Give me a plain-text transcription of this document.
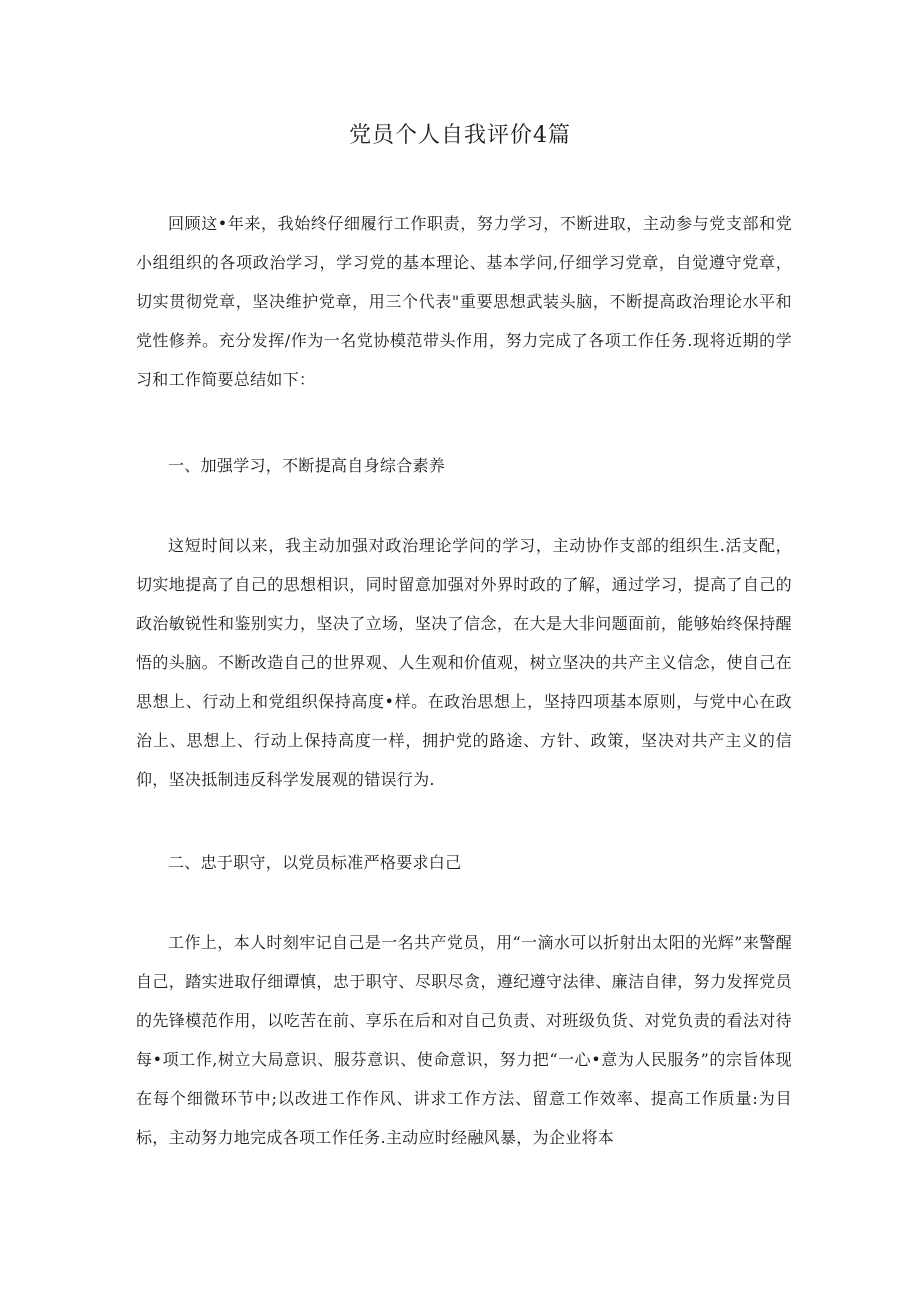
党员个人自我评价4篇

回顾这•年来，我始终仔细履行工作职责，努力学习，不断进取，主动参与党支部和党小组组织的各项政治学习，学习党的基本理论、基本学问,仔细学习党章，自觉遵守党章，切实贯彻党章，坚决维护党章，用三个代表"重要思想武装头脑，不断提高政治理论水平和党性修养。充分发挥/作为一名党协模范带头作用，努力完成了各项工作任务.现将近期的学习和工作简要总结如下：

一、加强学习，不断提高自身综合素养

这短时间以来，我主动加强对政治理论学问的学习，主动协作支部的组织生.活支配，切实地提高了自己的思想相识，同时留意加强对外界时政的了解，通过学习，提高了自己的政治敏锐性和鉴别实力，坚决了立场，坚决了信念，在大是大非问题面前，能够始终保持醒悟的头脑。不断改造自己的世界观、人生观和价值观，树立坚决的共产主义信念，使自己在思想上、行动上和党组织保持高度•样。在政治思想上，坚持四项基本原则，与党中心在政治上、思想上、行动上保持高度一样，拥护党的路途、方针、政策，坚决对共产主义的信仰，坚决抵制违反科学发展观的错误行为.

二、忠于职守，以党员标准严格要求白己

工作上，本人时刻牢记自己是一名共产党员，用“一滴水可以折射出太阳的光辉”来警醒自己，踏实进取仔细谭慎，忠于职守、尽职尽贪，遵纪遵守法律、廉洁自律，努力发挥党员的先锋模范作用，以吃苦在前、享乐在后和对自己负责、对班级负货、对党负责的看法对待每•项工作,树立大局意识、服芬意识、使命意识，努力把“一心•意为人民服务”的宗旨体现在每个细微环节中;以改进工作作风、讲求工作方法、留意工作效率、提高工作质量:为目标，主动努力地完成各项工作任务.主动应时经融风暴，为企业将本
